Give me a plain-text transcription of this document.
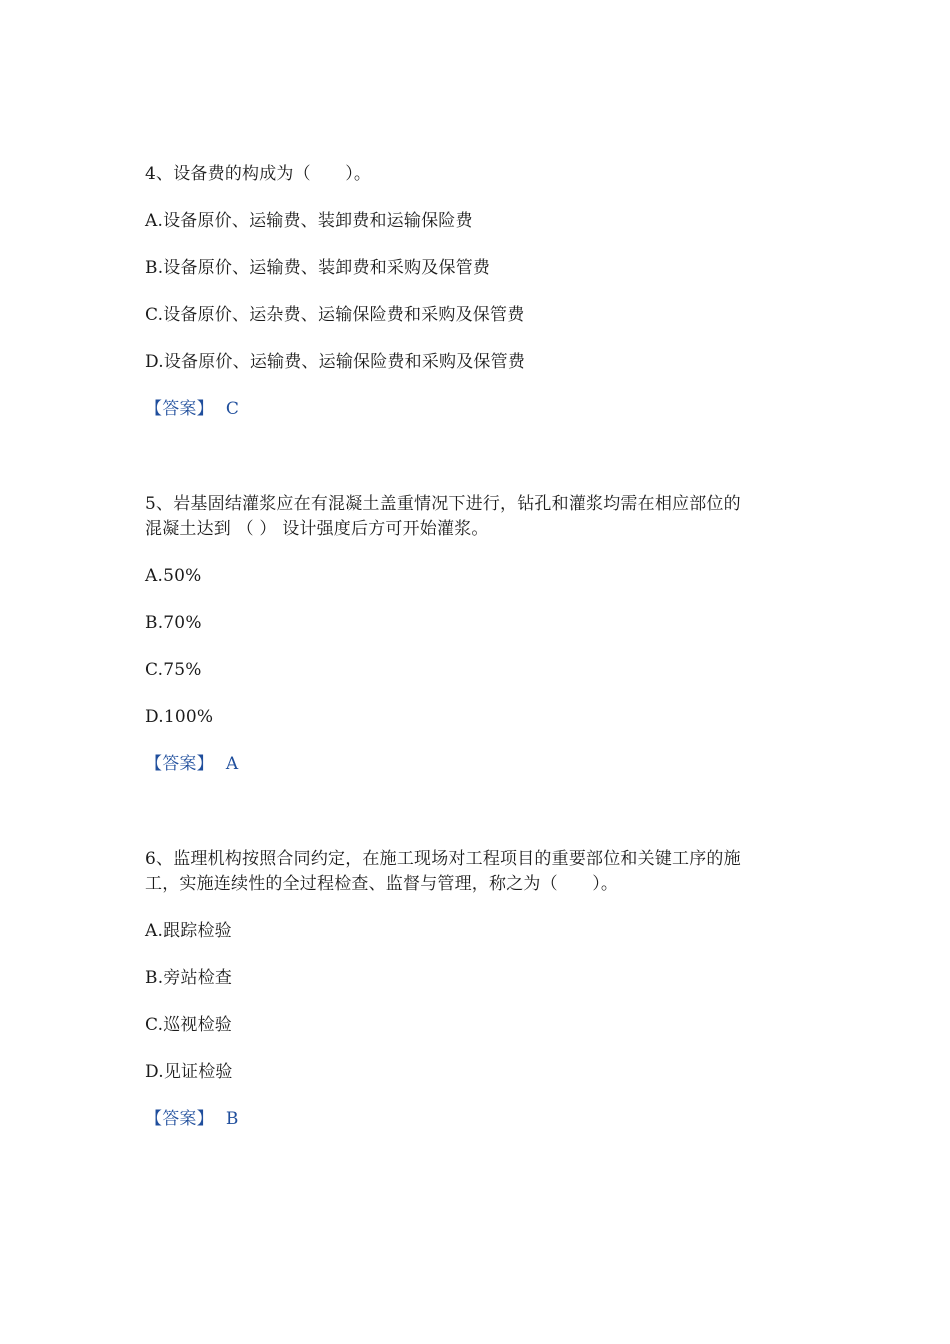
4、设备费的构成为（　　）。
A.设备原价、运输费、装卸费和运输保险费
B.设备原价、运输费、装卸费和采购及保管费
C.设备原价、运杂费、运输保险费和采购及保管费
D.设备原价、运输费、运输保险费和采购及保管费
【答案】 C
5、岩基固结灌浆应在有混凝土盖重情况下进行，钻孔和灌浆均需在相应部位的
混凝土达到 （ ） 设计强度后方可开始灌浆。
A.50%
B.70%
C.75%
D.100%
【答案】 A
6、监理机构按照合同约定，在施工现场对工程项目的重要部位和关键工序的施
工，实施连续性的全过程检查、监督与管理，称之为（　　）。
A.跟踪检验
B.旁站检查
C.巡视检验
D.见证检验
【答案】 B
